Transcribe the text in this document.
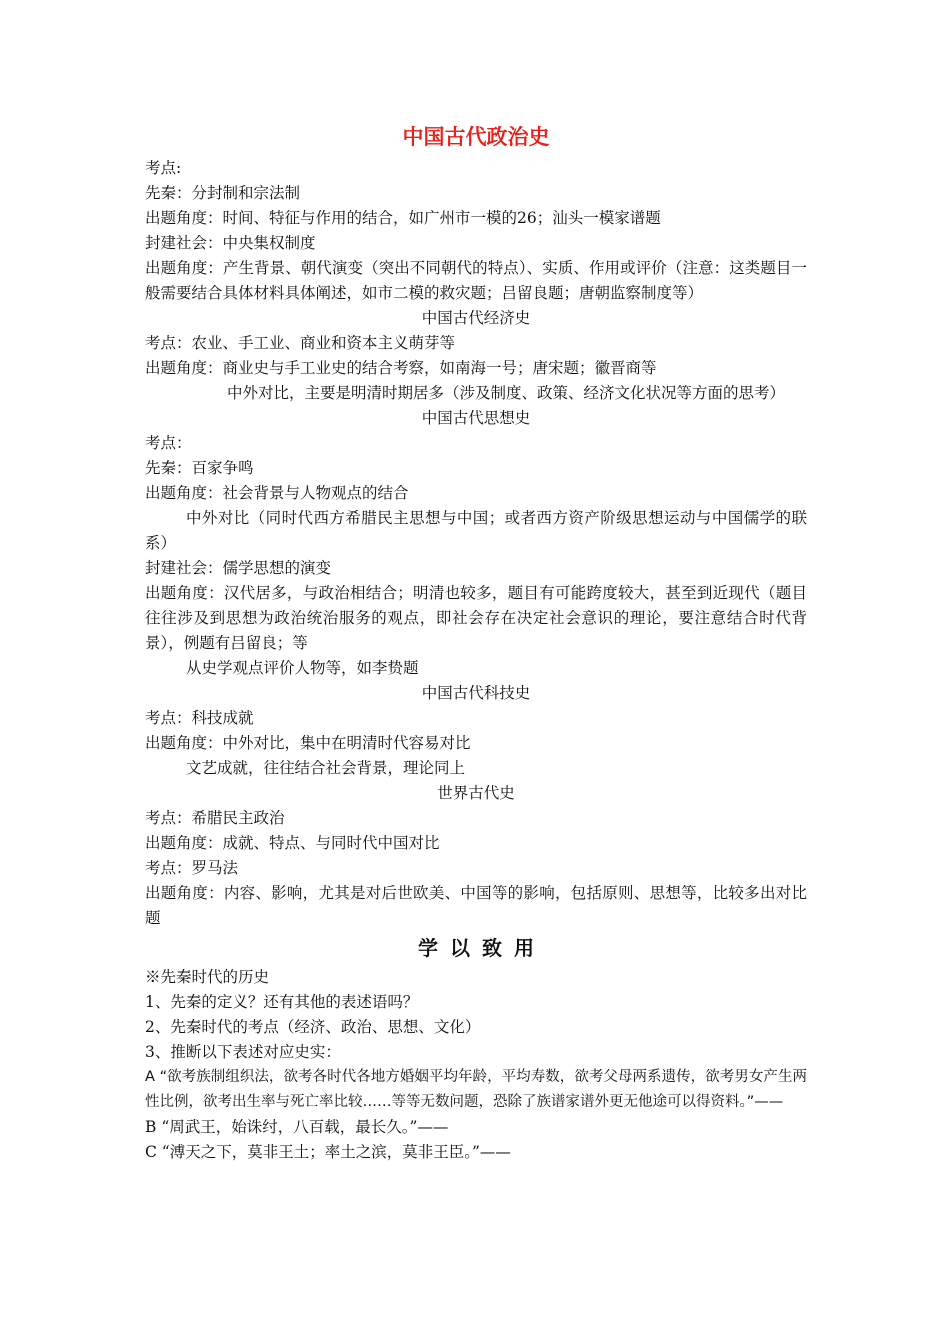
中国古代政治史

考点:

先秦：分封制和宗法制

出题角度：时间、特征与作用的结合，如广州市一模的26；汕头一模家谱题

封建社会：中央集权制度

出题角度：产生背景、朝代演变（突出不同朝代的特点）、实质、作用或评价（注意：这类题目一般需要结合具体材料具体阐述，如市二模的救灾题；吕留良题；唐朝监察制度等）

中国古代经济史

考点：农业、手工业、商业和资本主义萌芽等

出题角度：商业史与手工业史的结合考察，如南海一号；唐宋题；徽晋商等

中外对比，主要是明清时期居多（涉及制度、政策、经济文化状况等方面的思考）

中国古代思想史

考点：

先秦：百家争鸣

出题角度：社会背景与人物观点的结合

中外对比（同时代西方希腊民主思想与中国；或者西方资产阶级思想运动与中国儒学的联系）

封建社会：儒学思想的演变

出题角度：汉代居多，与政治相结合；明清也较多，题目有可能跨度较大，甚至到近现代（题目往往涉及到思想为政治统治服务的观点，即社会存在决定社会意识的理论，要注意结合时代背景），例题有吕留良；等

从史学观点评价人物等，如李贽题

中国古代科技史

考点：科技成就

出题角度：中外对比，集中在明清时代容易对比

文艺成就，往往结合社会背景，理论同上

世界古代史

考点：希腊民主政治

出题角度：成就、特点、与同时代中国对比

考点：罗马法

出题角度：内容、影响，尤其是对后世欧美、中国等的影响，包括原则、思想等，比较多出对比题

学以致用

※先秦时代的历史

1、先秦的定义？还有其他的表述语吗？

2、先秦时代的考点（经济、政治、思想、文化）

3、推断以下表述对应史实：

A “欲考族制组织法，欲考各时代各地方婚姻平均年龄，平均寿数，欲考父母两系遗传，欲考男女产生两性比例，欲考出生率与死亡率比较……等等无数问题，恐除了族谱家谱外更无他途可以得资料。”——

B “周武王，始诛纣，八百载，最长久。”——

C “溥天之下，莫非王土；率土之滨，莫非王臣。”——
